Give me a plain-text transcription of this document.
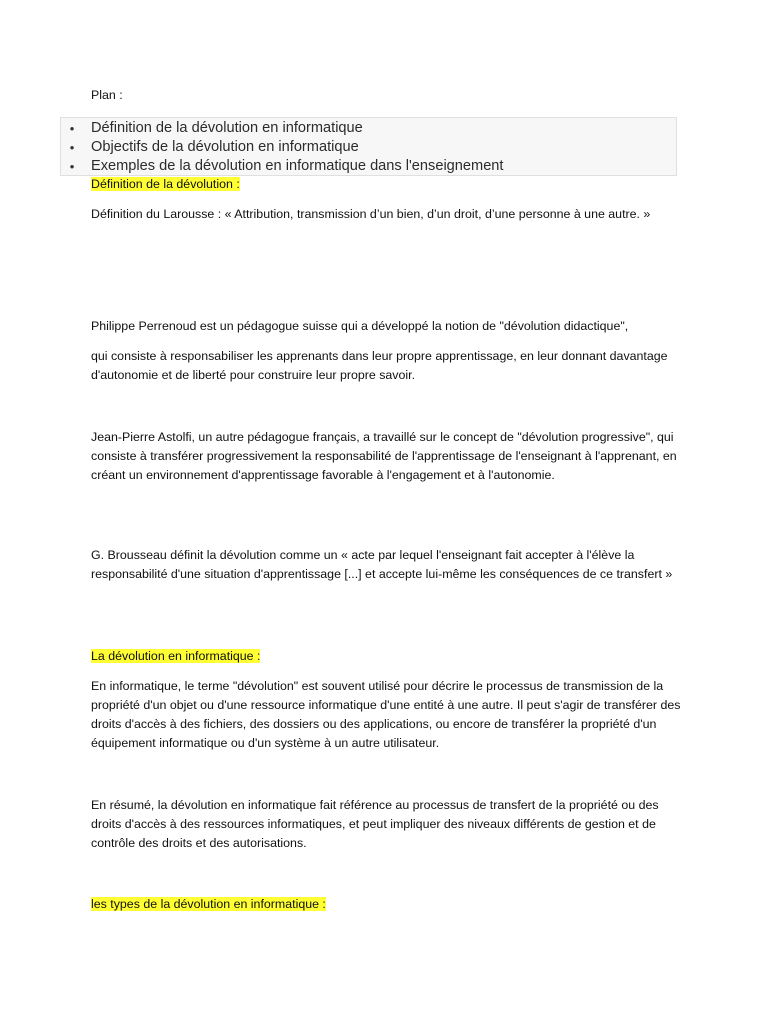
Plan :

• Définition de la dévolution en informatique
• Objectifs de la dévolution en informatique
• Exemples de la dévolution en informatique dans l'enseignement

Définition de la dévolution :

Définition du Larousse : « Attribution, transmission d’un bien, d’un droit, d’une personne à une autre. »

Philippe Perrenoud est un pédagogue suisse qui a développé la notion de "dévolution didactique",

qui consiste à responsabiliser les apprenants dans leur propre apprentissage, en leur donnant davantage d'autonomie et de liberté pour construire leur propre savoir.

Jean-Pierre Astolfi, un autre pédagogue français, a travaillé sur le concept de "dévolution progressive", qui consiste à transférer progressivement la responsabilité de l'apprentissage de l'enseignant à l'apprenant, en créant un environnement d'apprentissage favorable à l'engagement et à l'autonomie.

G. Brousseau définit la dévolution comme un « acte par lequel l'enseignant fait accepter à l'élève la responsabilité d'une situation d'apprentissage [...] et accepte lui-même les conséquences de ce transfert »

La dévolution en informatique :

En informatique, le terme "dévolution" est souvent utilisé pour décrire le processus de transmission de la propriété d'un objet ou d'une ressource informatique d'une entité à une autre. Il peut s'agir de transférer des droits d'accès à des fichiers, des dossiers ou des applications, ou encore de transférer la propriété d'un équipement informatique ou d'un système à un autre utilisateur.

En résumé, la dévolution en informatique fait référence au processus de transfert de la propriété ou des droits d'accès à des ressources informatiques, et peut impliquer des niveaux différents de gestion et de contrôle des droits et des autorisations.

les types de la dévolution en informatique :
